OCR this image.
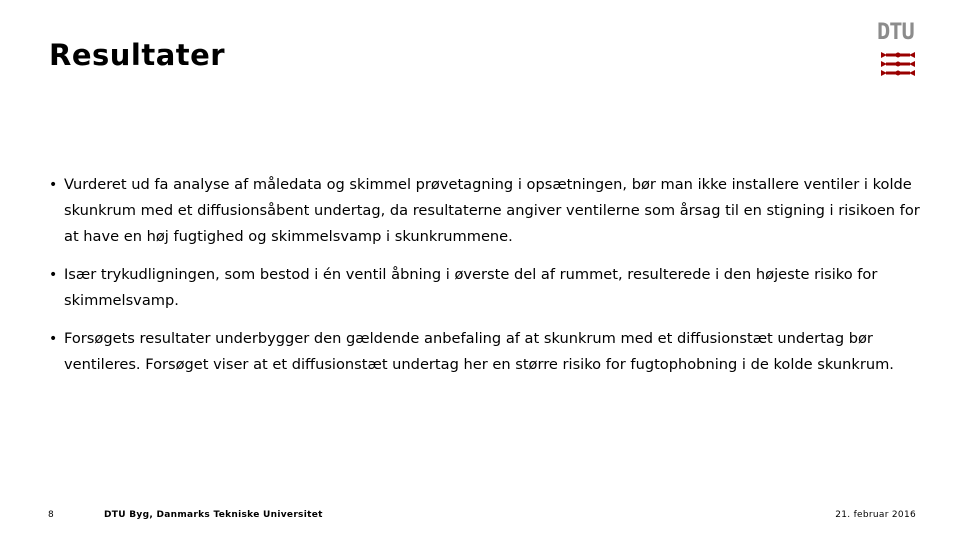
Resultater
DTU
• Vurderet ud fa analyse af måledata og skimmel prøvetagning i opsætningen, bør man ikke installere ventiler i kolde skunkrum med et diffusionsåbent undertag, da resultaterne angiver ventilerne som årsag til en stigning i risikoen for at have en høj fugtighed og skimmelsvamp i skunkrummene.
• Især trykudligningen, som bestod i én ventil åbning i øverste del af rummet, resulterede i den højeste risiko for skimmelsvamp.
• Forsøgets resultater underbygger den gældende anbefaling af at skunkrum med et diffusionstæt undertag bør ventileres. Forsøget viser at et diffusionstæt undertag her en større risiko for fugtophobning i de kolde skunkrum.
8	DTU Byg, Danmarks Tekniske Universitet	21. februar 2016
